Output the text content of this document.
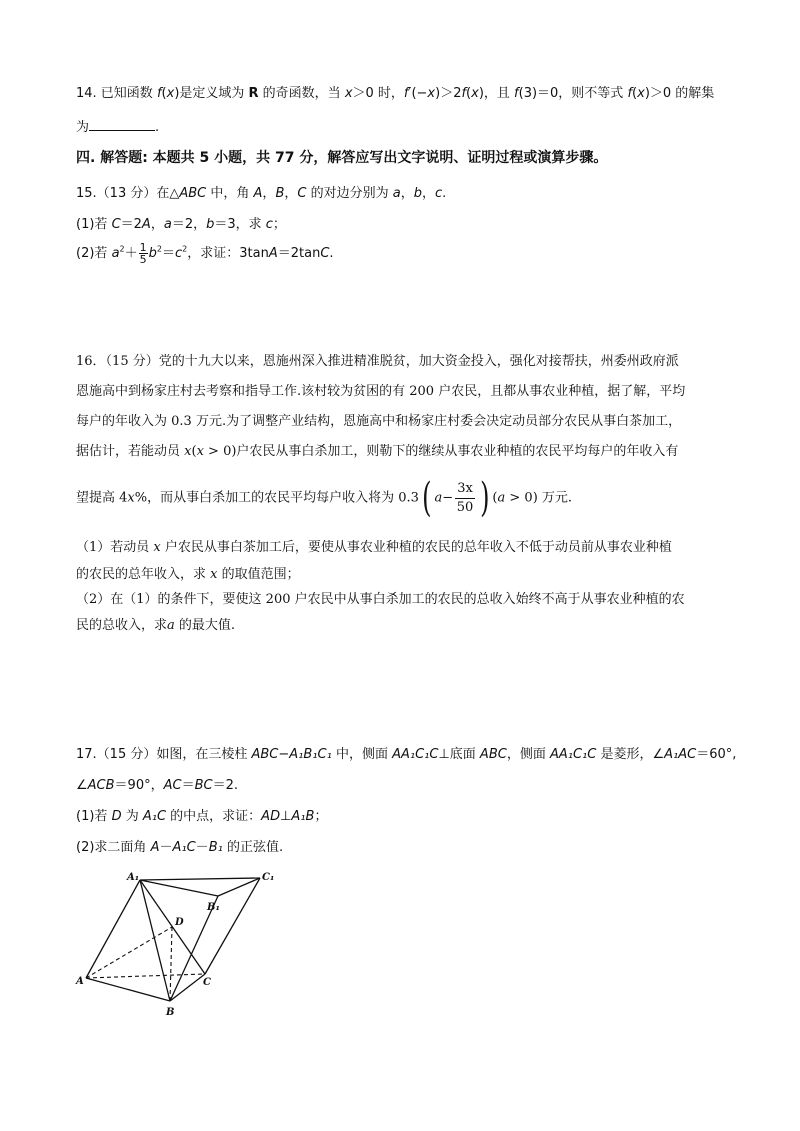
14. 已知函数 f(x)是定义域为 R 的奇函数，当 x＞0 时，f′(−x)＞2f(x)，且 f(3)＝0，则不等式 f(x)＞0 的解集
为	.
四. 解答题: 本题共 5 小题，共 77 分，解答应写出文字说明、证明过程或演算步骤。
15.（13 分）在△ABC 中，角 A，B，C 的对边分别为 a，b，c.
(1)若 C＝2A，a＝2，b＝3，求 c；
(2)若 $a^2+ \frac{1}{5} b^2=c^2$，求证：3tanA＝2tanC.
16．（15 分）党的十九大以来，恩施州深入推进精准脱贫，加大资金投入，强化对接帮扶，州委州政府派
恩施高中到杨家庄村去考察和指导工作.该村较为贫困的有 200 户农民，且都从事农业种植，据了解，平均
每户的年收入为 0.3 万元.为了调整产业结构，恩施高中和杨家庄村委会决定动员部分农民从事白茶加工，
据估计，若能动员 x(x > 0)户农民从事白杀加工，则勒下的继续从事农业种植的农民平均每户的年收入有
望提高 4x%，而从事白杀加工的农民平均每户收入将为 0.3( $a- \frac{3x}{50}$ ) (a > 0) 万元.
（1）若动员 x 户农民从事白茶加工后，要使从事农业种植的农民的总年收入不低于动员前从事农业种植
的农民的总年收入，求 x 的取值范围；
（2）在（1）的条件下，要使这 200 户农民中从事白杀加工的农民的总收入始终不高于从事农业种植的农
民的总收入，求a 的最大值.
17.（15 分）如图，在三棱柱 ABC−A₁B₁C₁ 中，侧面 AA₁C₁C⊥底面 ABC，侧面 AA₁C₁C 是菱形，∠A₁AC＝60°,
∠ACB＝90°，AC＝BC＝2.
(1)若 D 为 A₁C 的中点，求证：AD⊥A₁B；
(2)求二面角 A－A₁C－B₁ 的正弦值.
A₁	C₁
B₁
D
A	C
B
